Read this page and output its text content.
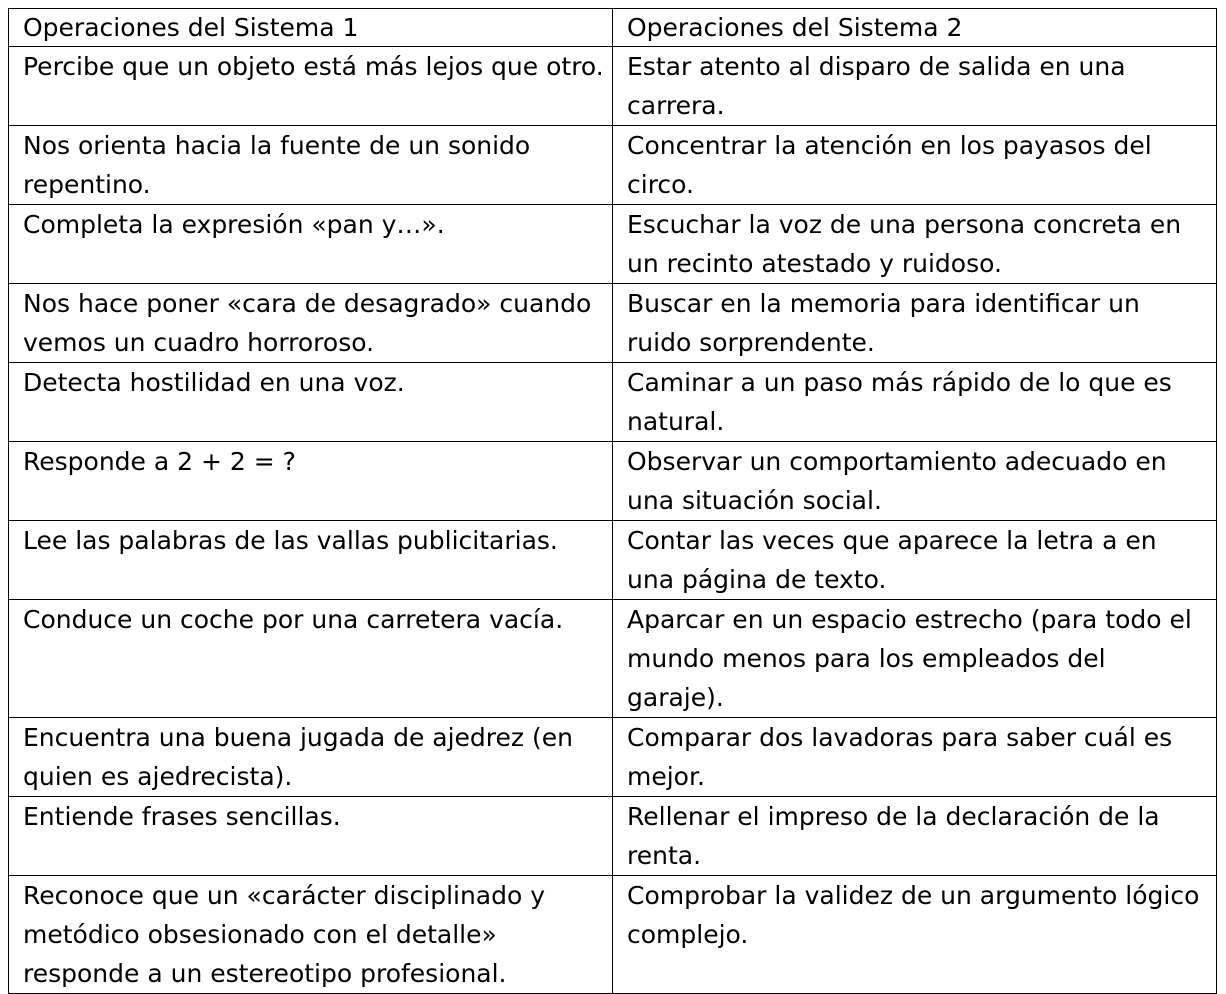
Operaciones del Sistema 1	Operaciones del Sistema 2
Percibe que un objeto está más lejos que otro.	Estar atento al disparo de salida en una carrera.
Nos orienta hacia la fuente de un sonido repentino.	Concentrar la atención en los payasos del circo.
Completa la expresión «pan y…».	Escuchar la voz de una persona concreta en un recinto atestado y ruidoso.
Nos hace poner «cara de desagrado» cuando vemos un cuadro horroroso.	Buscar en la memoria para identificar un ruido sorprendente.
Detecta hostilidad en una voz.	Caminar a un paso más rápido de lo que es natural.
Responde a 2 + 2 = ?	Observar un comportamiento adecuado en una situación social.
Lee las palabras de las vallas publicitarias.	Contar las veces que aparece la letra a en una página de texto.
Conduce un coche por una carretera vacía.	Aparcar en un espacio estrecho (para todo el mundo menos para los empleados del garaje).
Encuentra una buena jugada de ajedrez (en quien es ajedrecista).	Comparar dos lavadoras para saber cuál es mejor.
Entiende frases sencillas.	Rellenar el impreso de la declaración de la renta.
Reconoce que un «carácter disciplinado y metódico obsesionado con el detalle» responde a un estereotipo profesional.	Comprobar la validez de un argumento lógico complejo.
